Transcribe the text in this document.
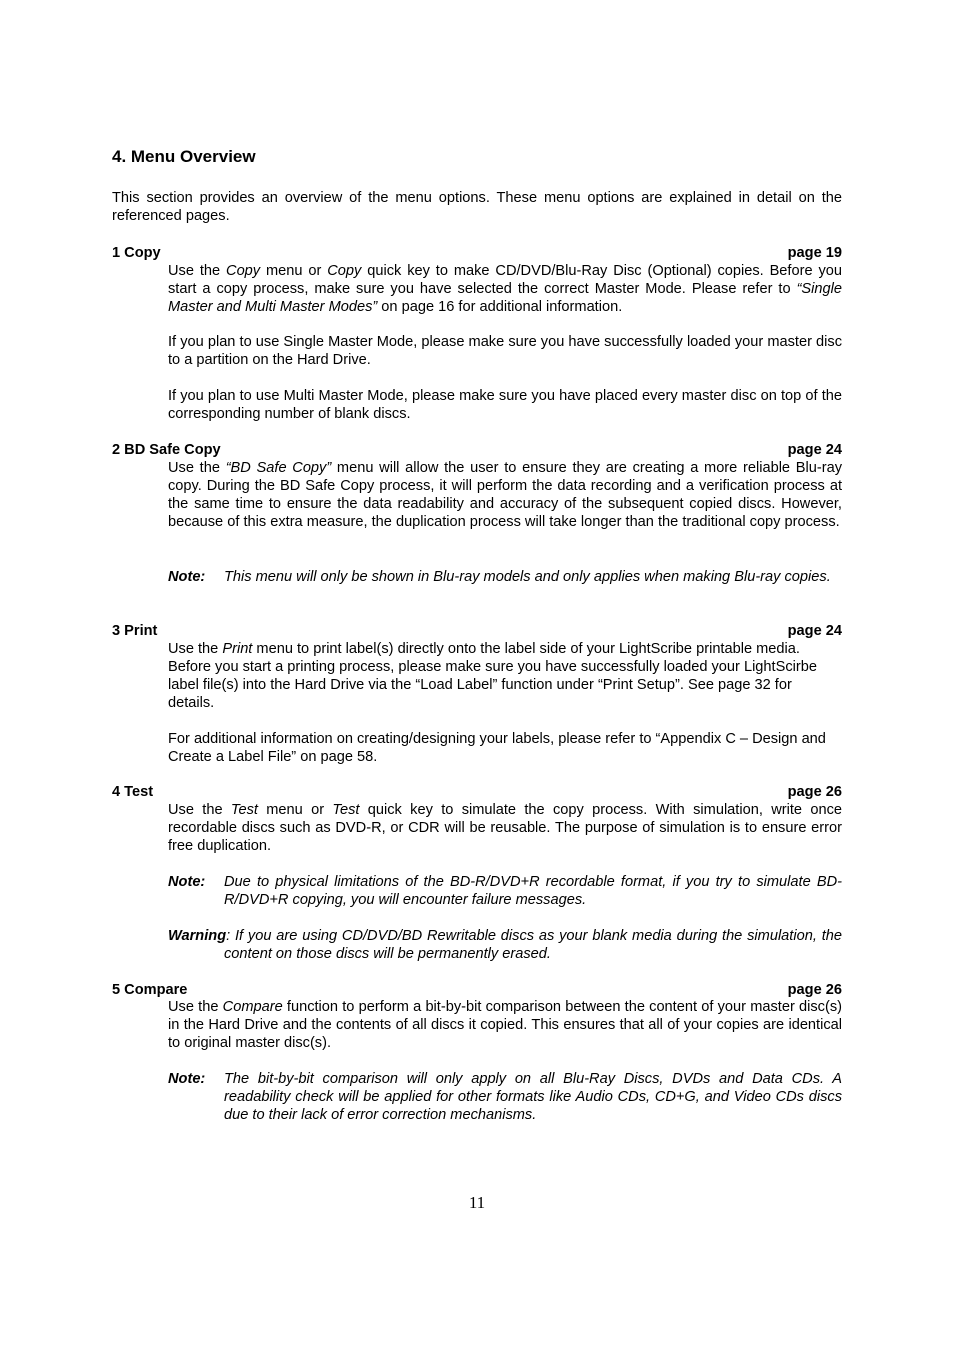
4. Menu Overview

This section provides an overview of the menu options. These menu options are explained in detail on the referenced pages.

1 Copy	page 19

Use the Copy menu or Copy quick key to make CD/DVD/Blu-Ray Disc (Optional) copies. Before you start a copy process, make sure you have selected the correct Master Mode. Please refer to “Single Master and Multi Master Modes” on page 16 for additional information.

If you plan to use Single Master Mode, please make sure you have successfully loaded your master disc to a partition on the Hard Drive.

If you plan to use Multi Master Mode, please make sure you have placed every master disc on top of the corresponding number of blank discs.

2 BD Safe Copy	page 24

Use the “BD Safe Copy” menu will allow the user to ensure they are creating a more reliable Blu-ray copy. During the BD Safe Copy process, it will perform the data recording and a verification process at the same time to ensure the data readability and accuracy of the subsequent copied discs. However, because of this extra measure, the duplication process will take longer than the traditional copy process.

Note: This menu will only be shown in Blu-ray models and only applies when making Blu-ray copies.
3 Print	page 24

Use the Print menu to print label(s) directly onto the label side of your LightScribe printable media. Before you start a printing process, please make sure you have successfully loaded your LightScirbe label file(s) into the Hard Drive via the “Load Label” function under “Print Setup”. See page 32 for details.

For additional information on creating/designing your labels, please refer to “Appendix C – Design and Create a Label File” on page 58.

4 Test	page 26

Use the Test menu or Test quick key to simulate the copy process. With simulation, write once recordable discs such as DVD-R, or CDR will be reusable. The purpose of simulation is to ensure error free duplication.

Note: Due to physical limitations of the BD-R/DVD+R recordable format, if you try to simulate BD-R/DVD+R copying, you will encounter failure messages.
Warning: If you are using CD/DVD/BD Rewritable discs as your blank media during the simulation, the content on those discs will be permanently erased.
5 Compare	page 26

Use the Compare function to perform a bit-by-bit comparison between the content of your master disc(s) in the Hard Drive and the contents of all discs it copied. This ensures that all of your copies are identical to original master disc(s).

Note: The bit-by-bit comparison will only apply on all Blu-Ray Discs, DVDs and Data CDs. A readability check will be applied for other formats like Audio CDs, CD+G, and Video CDs discs due to their lack of error correction mechanisms.
11
